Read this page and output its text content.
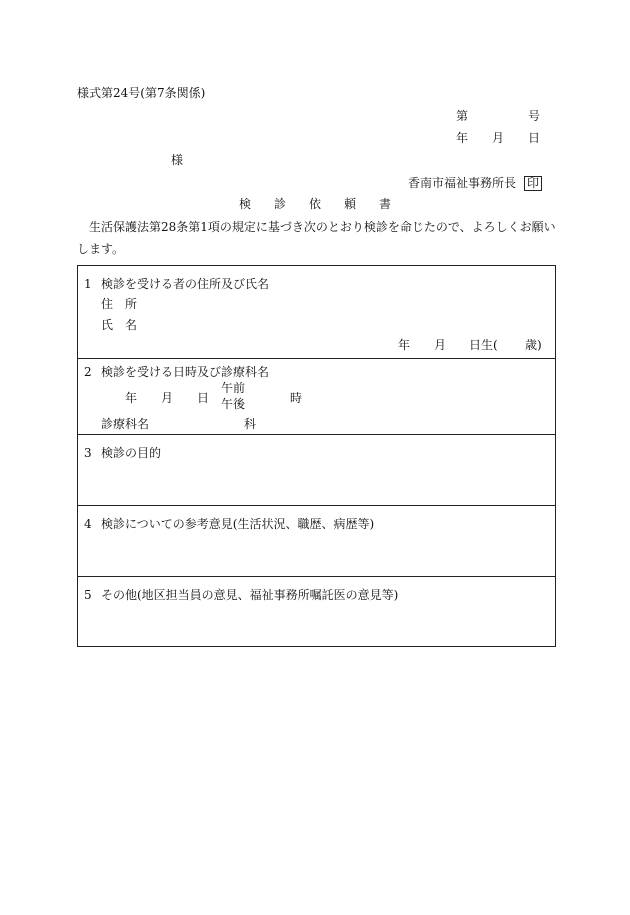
様式第24号(第7条関係)
第	号
年 月 日
様
香南市福祉事務所長 印
検 診 依 頼 書
生活保護法第28条第1項の規定に基づき次のとおり検診を命じたので、よろしくお願い
します。
1 検診を受ける者の住所及び氏名
住　所
氏　名
年 月 日生( 歳)
2 検診を受ける日時及び診療科名
年 月 日
午前
午後	時
診療科名	科
3 検診の目的
4 検診についての参考意見(生活状況、職歴、病歴等)
5 その他(地区担当員の意見、福祉事務所嘱託医の意見等)
